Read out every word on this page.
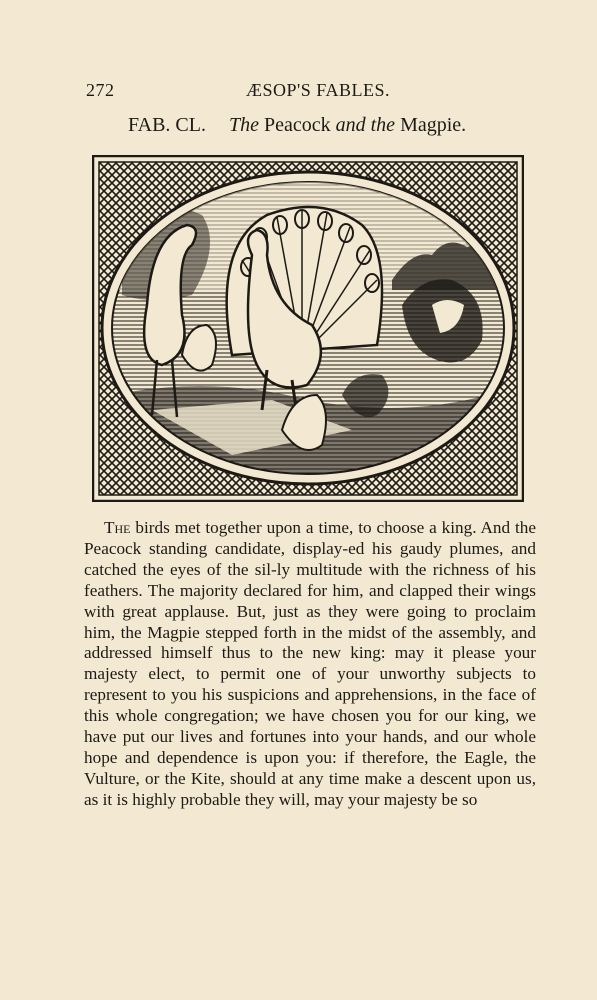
272	ÆSOP'S FABLES.
FAB. CL. The Peacock and the Magpie.

The birds met together upon a time, to choose a king. And the Peacock standing candidate, display-ed his gaudy plumes, and catched the eyes of the sil-ly multitude with the richness of his feathers. The majority declared for him, and clapped their wings with great applause. But, just as they were going to proclaim him, the Magpie stepped forth in the midst of the assembly, and addressed himself thus to the new king: may it please your majesty elect, to permit one of your unworthy subjects to represent to you his suspicions and apprehensions, in the face of this whole congregation; we have chosen you for our king, we have put our lives and fortunes into your hands, and our whole hope and dependence is upon you: if therefore, the Eagle, the Vulture, or the Kite, should at any time make a descent upon us, as it is highly probable they will, may your majesty be so
